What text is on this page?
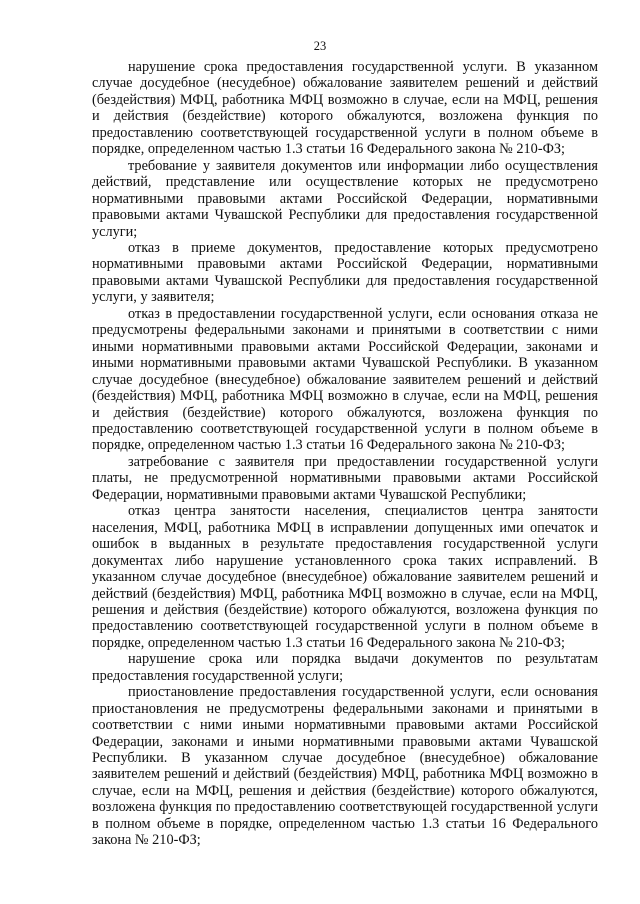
23

нарушение срока предоставления государственной услуги. В указанном случае досудебное (несудебное) обжалование заявителем решений и действий (бездействия) МФЦ, работника МФЦ возможно в случае, если на МФЦ, решения и действия (бездействие) которого обжалуются, возложена функция по предоставлению соответствующей государственной услуги в полном объеме в порядке, определенном частью 1.3 статьи 16 Федерального закона № 210-ФЗ;

требование у заявителя документов или информации либо осуществления действий, представление или осуществление которых не предусмотрено нормативными правовыми актами Российской Федерации, нормативными правовыми актами Чувашской Республики для предоставления государственной услуги;

отказ в приеме документов, предоставление которых предусмотрено нормативными правовыми актами Российской Федерации, нормативными правовыми актами Чувашской Республики для предоставления государственной услуги, у заявителя;

отказ в предоставлении государственной услуги, если основания отказа не предусмотрены федеральными законами и принятыми в соответствии с ними иными нормативными правовыми актами Российской Федерации, законами и иными нормативными правовыми актами Чувашской Республики. В указанном случае досудебное (внесудебное) обжалование заявителем решений и действий (бездействия) МФЦ, работника МФЦ возможно в случае, если на МФЦ, решения и действия (бездействие) которого обжалуются, возложена функция по предоставлению соответствующей государственной услуги в полном объеме в порядке, определенном частью 1.3 статьи 16 Федерального закона № 210-ФЗ;

затребование с заявителя при предоставлении государственной услуги платы, не предусмотренной нормативными правовыми актами Российской Федерации, нормативными правовыми актами Чувашской Республики;

отказ центра занятости населения, специалистов центра занятости населения, МФЦ, работника МФЦ в исправлении допущенных ими опечаток и ошибок в выданных в результате предоставления государственной услуги документах либо нарушение установленного срока таких исправлений. В указанном случае досудебное (внесудебное) обжалование заявителем решений и действий (бездействия) МФЦ, работника МФЦ возможно в случае, если на МФЦ, решения и действия (бездействие) которого обжалуются, возложена функция по предоставлению соответствующей государственной услуги в полном объеме в порядке, определенном частью 1.3 статьи 16 Федерального закона № 210-ФЗ;

нарушение срока или порядка выдачи документов по результатам предоставления государственной услуги;

приостановление предоставления государственной услуги, если основания приостановления не предусмотрены федеральными законами и принятыми в соответствии с ними иными нормативными правовыми актами Российской Федерации, законами и иными нормативными правовыми актами Чувашской Республики. В указанном случае досудебное (внесудебное) обжалование заявителем решений и действий (бездействия) МФЦ, работника МФЦ возможно в случае, если на МФЦ, решения и действия (бездействие) которого обжалуются, возложена функция по предоставлению соответствующей государственной услуги в полном объеме в порядке, определенном частью 1.3 статьи 16 Федерального закона № 210-ФЗ;
